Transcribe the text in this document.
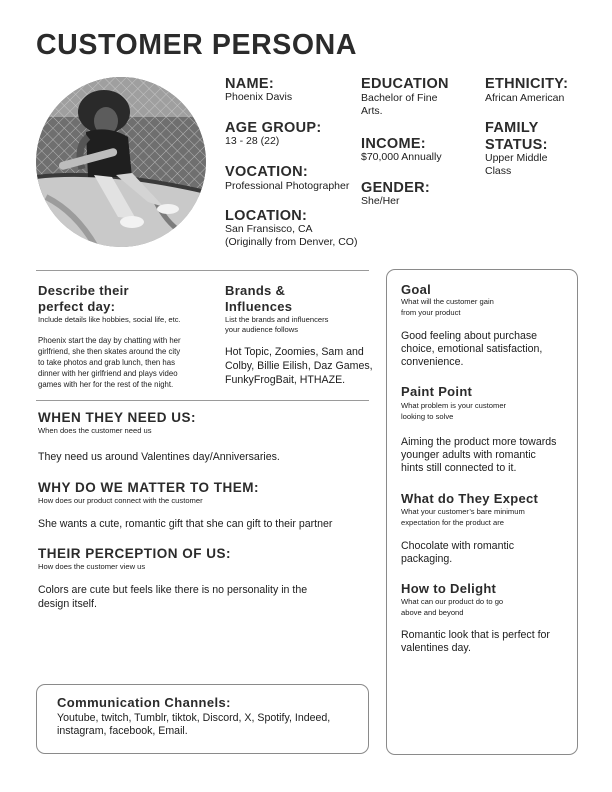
CUSTOMER PERSONA
NAME:
Phoenix Davis
AGE GROUP:
13 - 28 (22)
VOCATION:
Professional Photographer
LOCATION:
San Fransisco, CA
(Originally from Denver, CO)
EDUCATION
Bachelor of Fine
Arts.
INCOME:
$70,000 Annually
GENDER:
She/Her
ETHNICITY:
African American
FAMILY
STATUS:
Upper Middle
Class
Describe their
perfect day:
Include details like hobbies, social life, etc.
Phoenix start the day by chatting with her
girlfriend, she then skates around the city
to take photos and grab lunch, then has
dinner with her girlfriend and plays video
games with her for the rest of the night.
Brands &
Influences
List the brands and influencers
your audience follows
Hot Topic, Zoomies, Sam and
Colby, Billie Eilish, Daz Games,
FunkyFrogBait, HTHAZE.
WHEN THEY NEED US:
When does the customer need us
They need us around Valentines day/Anniversaries.
WHY DO WE MATTER TO THEM:
How does our product connect with the customer
She wants a cute, romantic gift that she can gift to their partner
THEIR PERCEPTION OF US:
How does the customer view us
Colors are cute but feels like there is no personality in the
design itself.
Goal
What will the customer gain
from your product
Good feeling about purchase
choice, emotional satisfaction,
convenience.
Paint Point
What problem is your customer
looking to solve
Aiming the product more towards
younger adults with romantic
hints still connected to it.
What do They Expect
What your customer’s bare minimum
expectation for the product are
Chocolate with romantic
packaging.
How to Delight
What can our product do to go
above and beyond
Romantic look that is perfect for
valentines day.
Communication Channels:
Youtube, twitch, Tumblr, tiktok, Discord, X, Spotify, Indeed,
instagram, facebook, Email.
